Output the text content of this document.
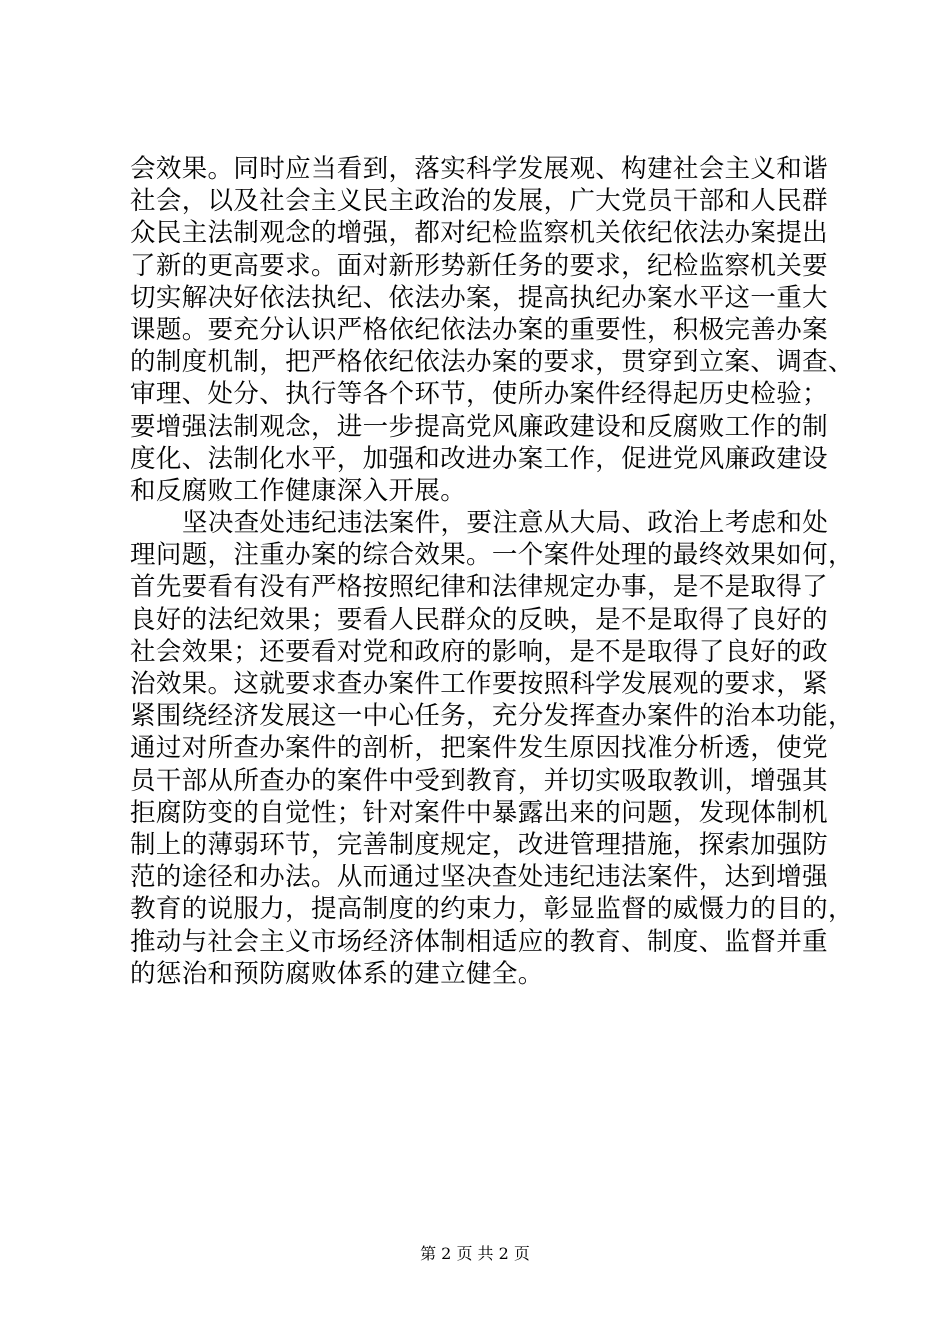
会效果。同时应当看到，落实科学发展观、构建社会主义和谐
社会，以及社会主义民主政治的发展，广大党员干部和人民群
众民主法制观念的增强，都对纪检监察机关依纪依法办案提出
了新的更高要求。面对新形势新任务的要求，纪检监察机关要
切实解决好依法执纪、依法办案，提高执纪办案水平这一重大
课题。要充分认识严格依纪依法办案的重要性，积极完善办案
的制度机制，把严格依纪依法办案的要求，贯穿到立案、调查、
审理、处分、执行等各个环节，使所办案件经得起历史检验；
要增强法制观念，进一步提高党风廉政建设和反腐败工作的制
度化、法制化水平，加强和改进办案工作，促进党风廉政建设
和反腐败工作健康深入开展。
坚决查处违纪违法案件，要注意从大局、政治上考虑和处
理问题，注重办案的综合效果。一个案件处理的最终效果如何，
首先要看有没有严格按照纪律和法律规定办事，是不是取得了
良好的法纪效果；要看人民群众的反映，是不是取得了良好的
社会效果；还要看对党和政府的影响，是不是取得了良好的政
治效果。这就要求查办案件工作要按照科学发展观的要求，紧
紧围绕经济发展这一中心任务，充分发挥查办案件的治本功能，
通过对所查办案件的剖析，把案件发生原因找准分析透，使党
员干部从所查办的案件中受到教育，并切实吸取教训，增强其
拒腐防变的自觉性；针对案件中暴露出来的问题，发现体制机
制上的薄弱环节，完善制度规定，改进管理措施，探索加强防
范的途径和办法。从而通过坚决查处违纪违法案件，达到增强
教育的说服力，提高制度的约束力，彰显监督的威慑力的目的，
推动与社会主义市场经济体制相适应的教育、制度、监督并重
的惩治和预防腐败体系的建立健全。
第 2 页 共 2 页
